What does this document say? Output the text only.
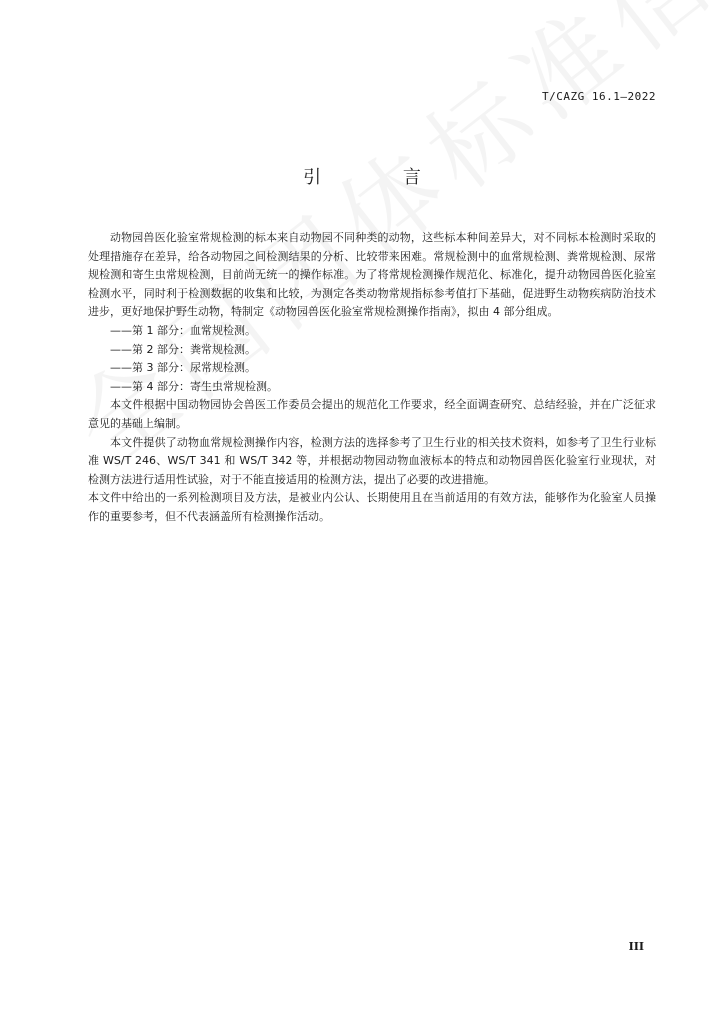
T/CAZG 16.1—2022
引 言

动物园兽医化验室常规检测的标本来自动物园不同种类的动物，这些标本种间差异大，对不同标本检测时采取的处理措施存在差异，给各动物园之间检测结果的分析、比较带来困难。常规检测中的血常规检测、粪常规检测、尿常规检测和寄生虫常规检测，目前尚无统一的操作标准。为了将常规检测操作规范化、标准化，提升动物园兽医化验室检测水平，同时利于检测数据的收集和比较，为测定各类动物常规指标参考值打下基础，促进野生动物疾病防治技术进步，更好地保护野生动物，特制定《动物园兽医化验室常规检测操作指南》，拟由 4 部分组成。

——第 1 部分：血常规检测。

——第 2 部分：粪常规检测。

——第 3 部分：尿常规检测。

——第 4 部分：寄生虫常规检测。

本文件根据中国动物园协会兽医工作委员会提出的规范化工作要求，经全面调查研究、总结经验，并在广泛征求意见的基础上编制。

本文件提供了动物血常规检测操作内容，检测方法的选择参考了卫生行业的相关技术资料，如参考了卫生行业标准 WS/T 246、WS/T 341 和 WS/T 342 等，并根据动物园动物血液标本的特点和动物园兽医化验室行业现状，对检测方法进行适用性试验，对于不能直接适用的检测方法，提出了必要的改进措施。

本文件中给出的一系列检测项目及方法，是被业内公认、长期使用且在当前适用的有效方法，能够作为化验室人员操作的重要参考，但不代表涵盖所有检测操作活动。

III
